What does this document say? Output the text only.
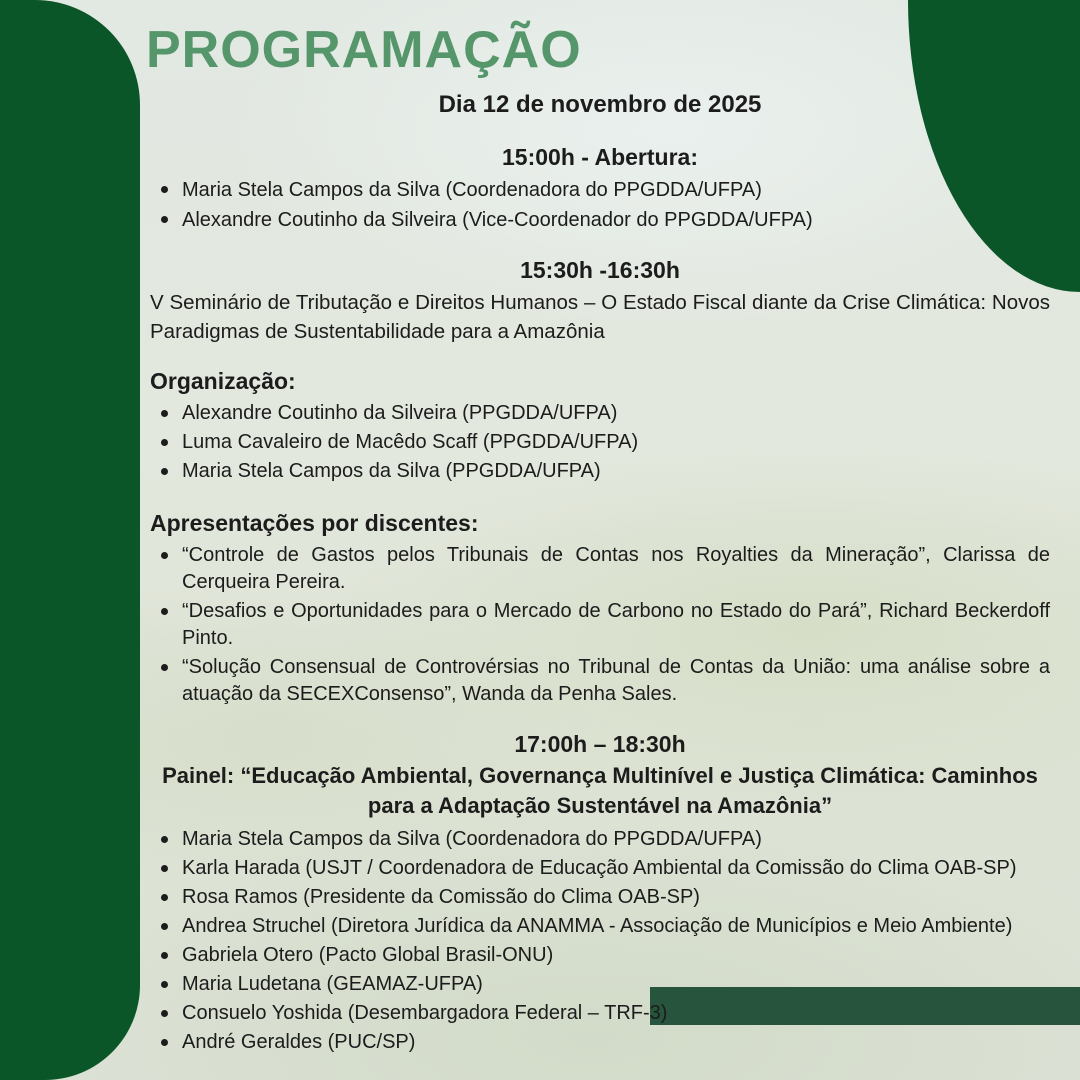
PROGRAMAÇÃO
Dia 12 de novembro de 2025
15:00h - Abertura:
Maria Stela Campos da Silva (Coordenadora do PPGDDA/UFPA)
Alexandre Coutinho da Silveira (Vice-Coordenador do PPGDDA/UFPA)
15:30h -16:30h

V Seminário de Tributação e Direitos Humanos – O Estado Fiscal diante da Crise Climática: Novos Paradigmas de Sustentabilidade para a Amazônia

Organização:
Alexandre Coutinho da Silveira (PPGDDA/UFPA)
Luma Cavaleiro de Macêdo Scaff (PPGDDA/UFPA)
Maria Stela Campos da Silva (PPGDDA/UFPA)
Apresentações por discentes:
“Controle de Gastos pelos Tribunais de Contas nos Royalties da Mineração”, Clarissa de Cerqueira Pereira.
“Desafios e Oportunidades para o Mercado de Carbono no Estado do Pará”, Richard Beckerdoff Pinto.
“Solução Consensual de Controvérsias no Tribunal de Contas da União: uma análise sobre a atuação da SECEXConsenso”, Wanda da Penha Sales.
17:00h – 18:30h
Painel: “Educação Ambiental, Governança Multinível e Justiça Climática: Caminhos para a Adaptação Sustentável na Amazônia”
Maria Stela Campos da Silva (Coordenadora do PPGDDA/UFPA)
Karla Harada (USJT / Coordenadora de Educação Ambiental da Comissão do Clima OAB-SP)
Rosa Ramos (Presidente da Comissão do Clima OAB-SP)
Andrea Struchel (Diretora Jurídica da ANAMMA - Associação de Municípios e Meio Ambiente)
Gabriela Otero (Pacto Global Brasil-ONU)
Maria Ludetana (GEAMAZ-UFPA)
Consuelo Yoshida (Desembargadora Federal – TRF-3)
André Geraldes (PUC/SP)
